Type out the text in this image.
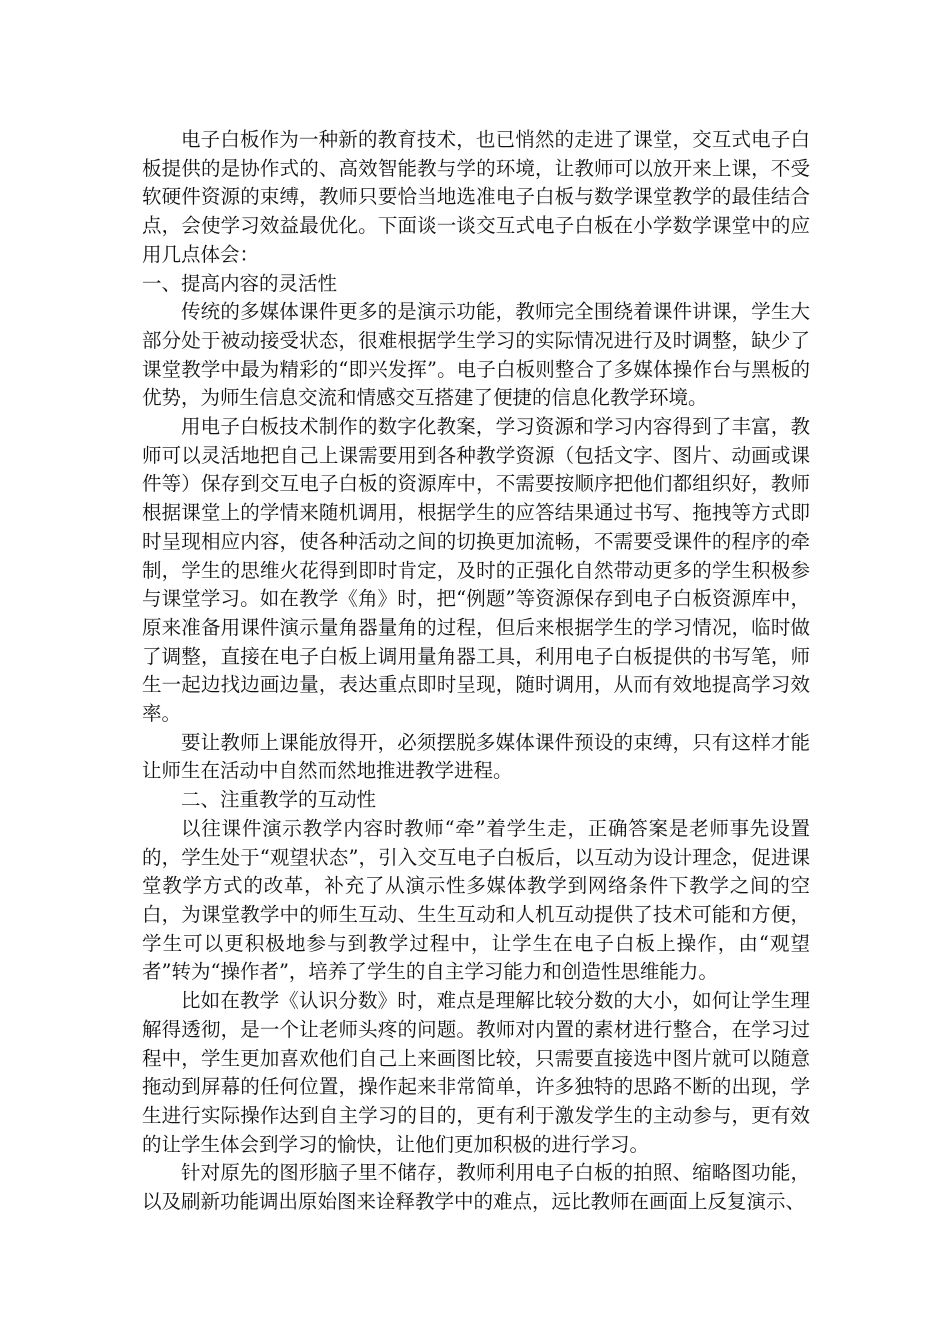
电子白板作为一种新的教育技术，也已悄然的走进了课堂，交互式电子白板提供的是协作式的、高效智能教与学的环境，让教师可以放开来上课，不受软硬件资源的束缚，教师只要恰当地选准电子白板与数学课堂教学的最佳结合点，会使学习效益最优化。下面谈一谈交互式电子白板在小学数学课堂中的应用几点体会：

一、提高内容的灵活性

传统的多媒体课件更多的是演示功能，教师完全围绕着课件讲课，学生大部分处于被动接受状态，很难根据学生学习的实际情况进行及时调整，缺少了课堂教学中最为精彩的“即兴发挥”。电子白板则整合了多媒体操作台与黑板的优势，为师生信息交流和情感交互搭建了便捷的信息化教学环境。

用电子白板技术制作的数字化教案，学习资源和学习内容得到了丰富，教师可以灵活地把自己上课需要用到各种教学资源（包括文字、图片、动画或课件等）保存到交互电子白板的资源库中，不需要按顺序把他们都组织好，教师根据课堂上的学情来随机调用，根据学生的应答结果通过书写、拖拽等方式即时呈现相应内容，使各种活动之间的切换更加流畅，不需要受课件的程序的牵制，学生的思维火花得到即时肯定，及时的正强化自然带动更多的学生积极参与课堂学习。如在教学《角》时，把“例题”等资源保存到电子白板资源库中，原来准备用课件演示量角器量角的过程，但后来根据学生的学习情况，临时做了调整，直接在电子白板上调用量角器工具，利用电子白板提供的书写笔，师生一起边找边画边量，表达重点即时呈现，随时调用，从而有效地提高学习效率。

要让教师上课能放得开，必须摆脱多媒体课件预设的束缚，只有这样才能让师生在活动中自然而然地推进教学进程。

二、注重教学的互动性

以往课件演示教学内容时教师“牵”着学生走，正确答案是老师事先设置的，学生处于“观望状态”，引入交互电子白板后，以互动为设计理念，促进课堂教学方式的改革，补充了从演示性多媒体教学到网络条件下教学之间的空白，为课堂教学中的师生互动、生生互动和人机互动提供了技术可能和方便，学生可以更积极地参与到教学过程中，让学生在电子白板上操作，由“观望者”转为“操作者”，培养了学生的自主学习能力和创造性思维能力。

比如在教学《认识分数》时，难点是理解比较分数的大小，如何让学生理解得透彻，是一个让老师头疼的问题。教师对内置的素材进行整合，在学习过程中，学生更加喜欢他们自己上来画图比较，只需要直接选中图片就可以随意拖动到屏幕的任何位置，操作起来非常简单，许多独特的思路不断的出现，学生进行实际操作达到自主学习的目的，更有利于激发学生的主动参与，更有效的让学生体会到学习的愉快，让他们更加积极的进行学习。

针对原先的图形脑子里不储存，教师利用电子白板的拍照、缩略图功能，以及刷新功能调出原始图来诠释教学中的难点，远比教师在画面上反复演示、
